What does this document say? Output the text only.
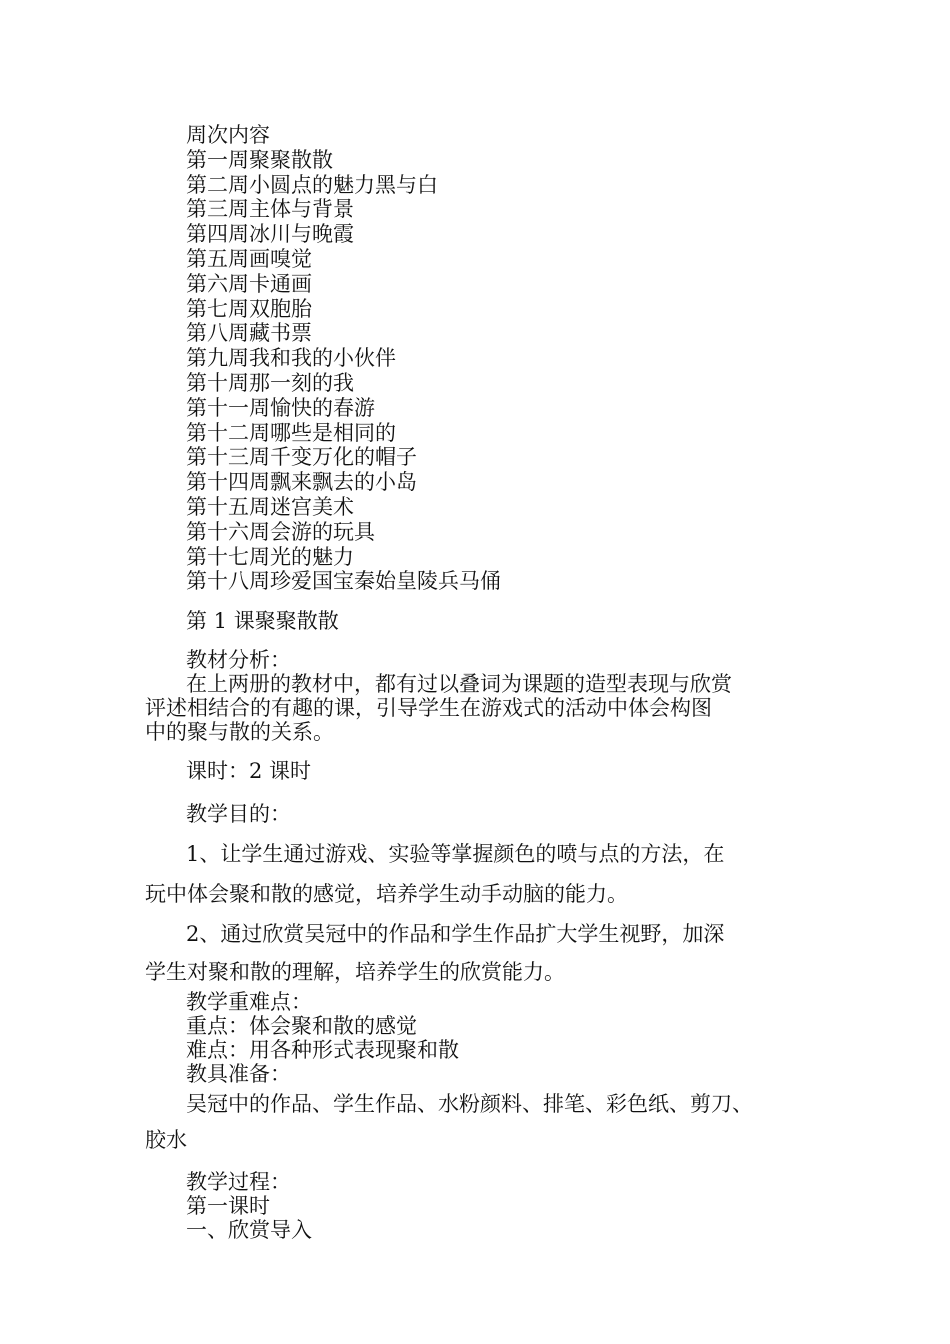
周次内容
第一周聚聚散散
第二周小圆点的魅力黑与白
第三周主体与背景
第四周冰川与晚霞
第五周画嗅觉
第六周卡通画
第七周双胞胎
第八周藏书票
第九周我和我的小伙伴
第十周那一刻的我
第十一周愉快的春游
第十二周哪些是相同的
第十三周千变万化的帽子
第十四周飘来飘去的小岛
第十五周迷宫美术
第十六周会游的玩具
第十七周光的魅力
第十八周珍爱国宝秦始皇陵兵马俑
第 1 课聚聚散散
教材分析：
在上两册的教材中，都有过以叠词为课题的造型表现与欣赏
评述相结合的有趣的课，引导学生在游戏式的活动中体会构图
中的聚与散的关系。
课时：2 课时
教学目的：
1、让学生通过游戏、实验等掌握颜色的喷与点的方法，在
玩中体会聚和散的感觉，培养学生动手动脑的能力。
2、通过欣赏吴冠中的作品和学生作品扩大学生视野，加深
学生对聚和散的理解，培养学生的欣赏能力。
教学重难点：
重点：体会聚和散的感觉
难点：用各种形式表现聚和散
教具准备：
吴冠中的作品、学生作品、水粉颜料、排笔、彩色纸、剪刀、
胶水
教学过程：
第一课时
一、欣赏导入
